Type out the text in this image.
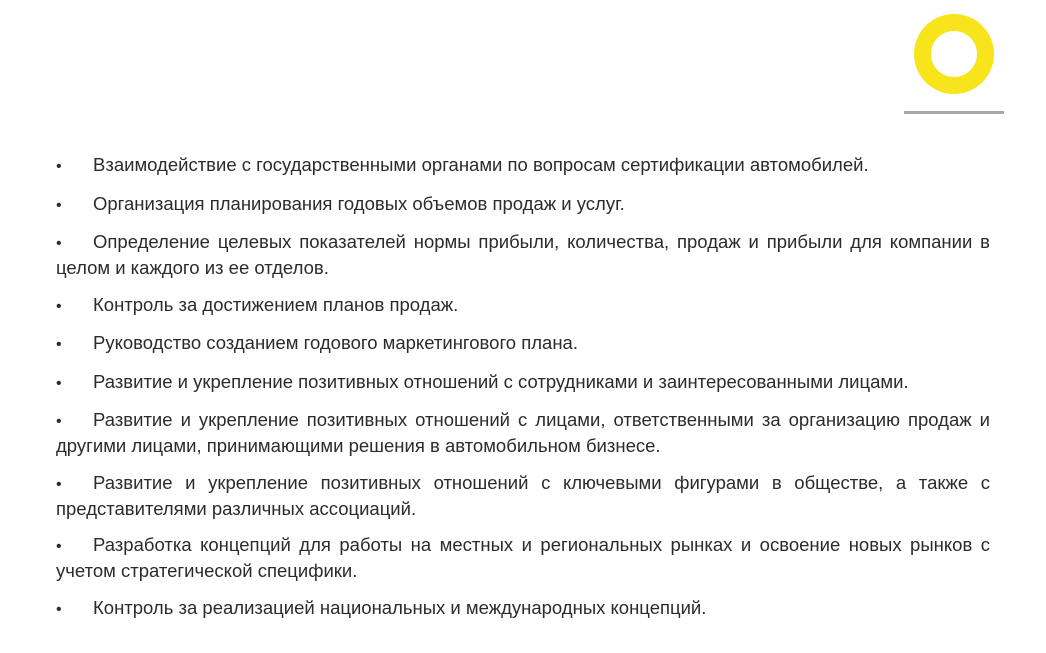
• Взаимодействие с государственными органами по вопросам сертификации автомобилей.
• Организация планирования годовых объемов продаж и услуг.
• Определение целевых показателей нормы прибыли, количества, продаж и прибыли для компании в целом и каждого из ее отделов.
• Контроль за достижением планов продаж.
• Руководство созданием годового маркетингового плана.
• Развитие и укрепление позитивных отношений с сотрудниками и заинтересованными лицами.
• Развитие и укрепление позитивных отношений с лицами, ответственными за организацию продаж и другими лицами, принимающими решения в автомобильном бизнесе.
• Развитие и укрепление позитивных отношений с ключевыми фигурами в обществе, а также с представителями различных ассоциаций.
• Разработка концепций для работы на местных и региональных рынках и освоение новых рынков с учетом стратегической специфики.
• Контроль за реализацией национальных и международных концепций.
